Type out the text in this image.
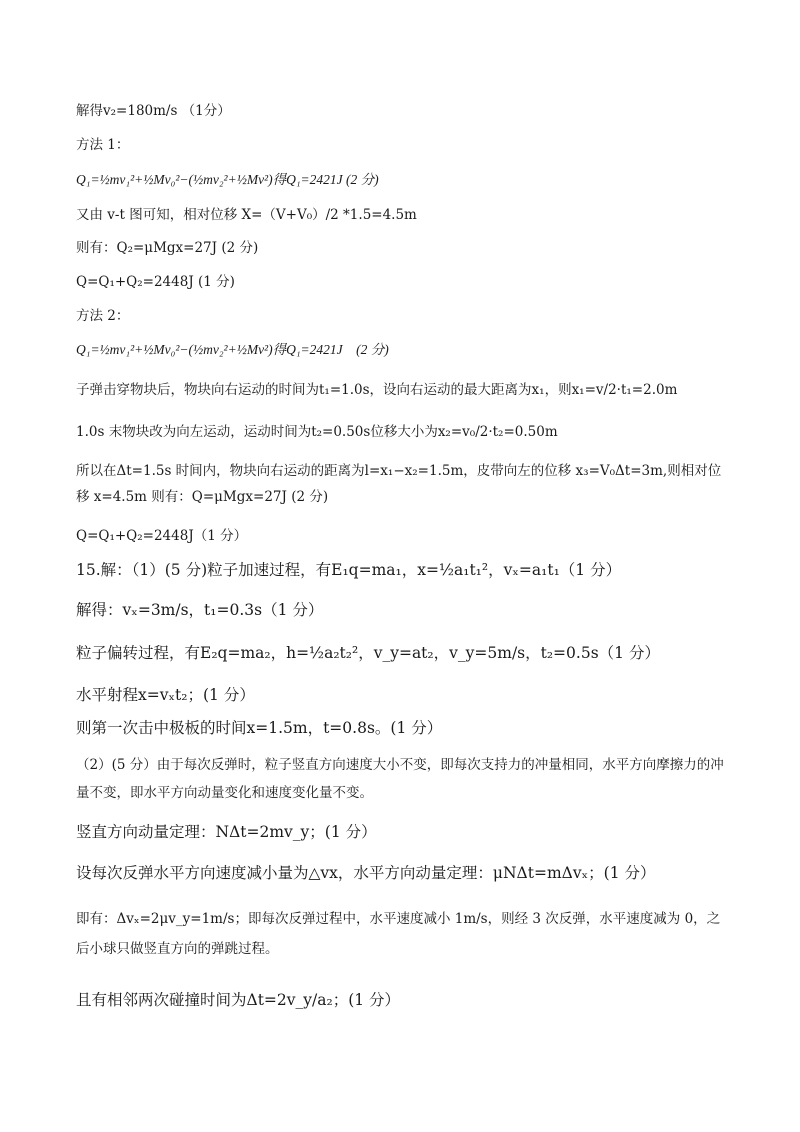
解得v₂=180m/s （1分）
方法 1：
Q₁=½mv₁²+½Mv₀²−(½mv₂²+½Mv²)得Q₁=2421J (2 分)
又由 v-t 图可知，相对位移 X=（V+V₀）/2 *1.5=4.5m
则有：Q₂=μMgx=27J (2 分)
Q=Q₁+Q₂=2448J (1 分)
方法 2：
Q₁=½mv₁²+½Mv₀²−(½mv₂²+½Mv²)得Q₁=2421J　(2 分)
子弹击穿物块后，物块向右运动的时间为t₁=1.0s，设向右运动的最大距离为x₁，则x₁=v/2·t₁=2.0m
1.0s 末物块改为向左运动，运动时间为t₂=0.50s位移大小为x₂=v₀/2·t₂=0.50m
所以在Δt=1.5s 时间内，物块向右运动的距离为l=x₁−x₂=1.5m，皮带向左的位移 x₃=V₀Δt=3m,则相对位移 x=4.5m 则有：Q=μMgx=27J (2 分)
Q=Q₁+Q₂=2448J（1 分）
15.解：（1）(5 分)粒子加速过程，有E₁q=ma₁，x=½a₁t₁²，vₓ=a₁t₁（1 分）
解得：vₓ=3m/s，t₁=0.3s（1 分）
粒子偏转过程，有E₂q=ma₂，h=½a₂t₂²，v_y=at₂，v_y=5m/s，t₂=0.5s（1 分）
水平射程x=vₓt₂；(1 分）
则第一次击中极板的时间x=1.5m，t=0.8s。(1 分）
（2）(5 分）由于每次反弹时，粒子竖直方向速度大小不变，即每次支持力的冲量相同，水平方向摩擦力的冲量不变，即水平方向动量变化和速度变化量不变。
竖直方向动量定理：NΔt=2mv_y；(1 分）
设每次反弹水平方向速度减小量为△vx，水平方向动量定理：μNΔt=mΔvₓ；(1 分）
即有：Δvₓ=2μv_y=1m/s；即每次反弹过程中，水平速度减小 1m/s，则经 3 次反弹，水平速度减为 0，之后小球只做竖直方向的弹跳过程。
且有相邻两次碰撞时间为Δt=2v_y/a₂；(1 分）
